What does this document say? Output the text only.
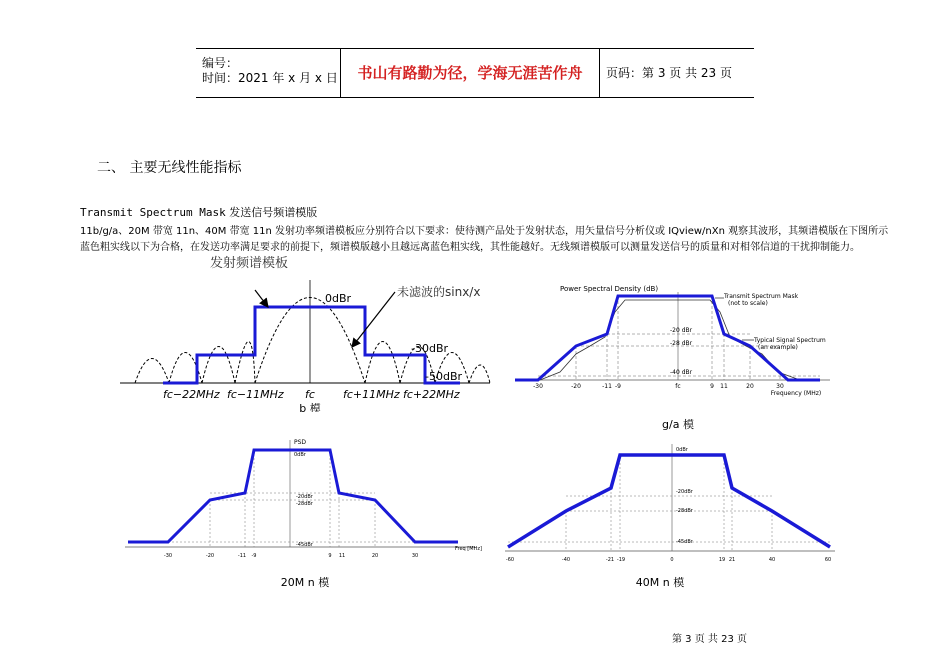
编号：
时间：2021 年 x 月 x 日	书山有路勤为径，学海无涯苦作舟	页码：第 3 页 共 23 页
二、 主要无线性能指标
Transmit Spectrum Mask 发送信号频谱模版
11b/g/a、20M 带宽 11n、40M 带宽 11n 发射功率频谱模板应分别符合以下要求：使待测产品处于发射状态，用矢量信号分析仪或 IQview/nXn 观察其波形，其频谱模版在下图所示
蓝色粗实线以下为合格，在发送功率满足要求的前提下，频谱模版越小且越远离蓝色粗实线，其性能越好。无线频谱模版可以测量发送信号的质量和对相邻信道的干扰抑制能力。
发射频谱模板
未滤波的sinx/x
0dBr
-30dBr
-50dBr
fc−22MHz fc−11MHz fc	fc+11MHz fc+22MHz
b 模
Power Spectral Density (dB)
Transmit Spectrum Mask
(not to scale)
Typical Signal Spectrum
(an example)
-20 dBr
-28 dBr
-40 dBr
-30	-20	-11 -9	fc	9 11	20	30
Frequency (MHz)
g/a 模
PSD
0dBr
-20dBr
-28dBr
-45dBr
-30	-20	-11 -9	9 11	20	30
Freq [MHz]
20M n 模
0dBr
-20dBr
-28dBr
-45dBr
-60	-40	-21 -19	0	19 21	40	60
40M n 模
第 3 页 共 23 页
